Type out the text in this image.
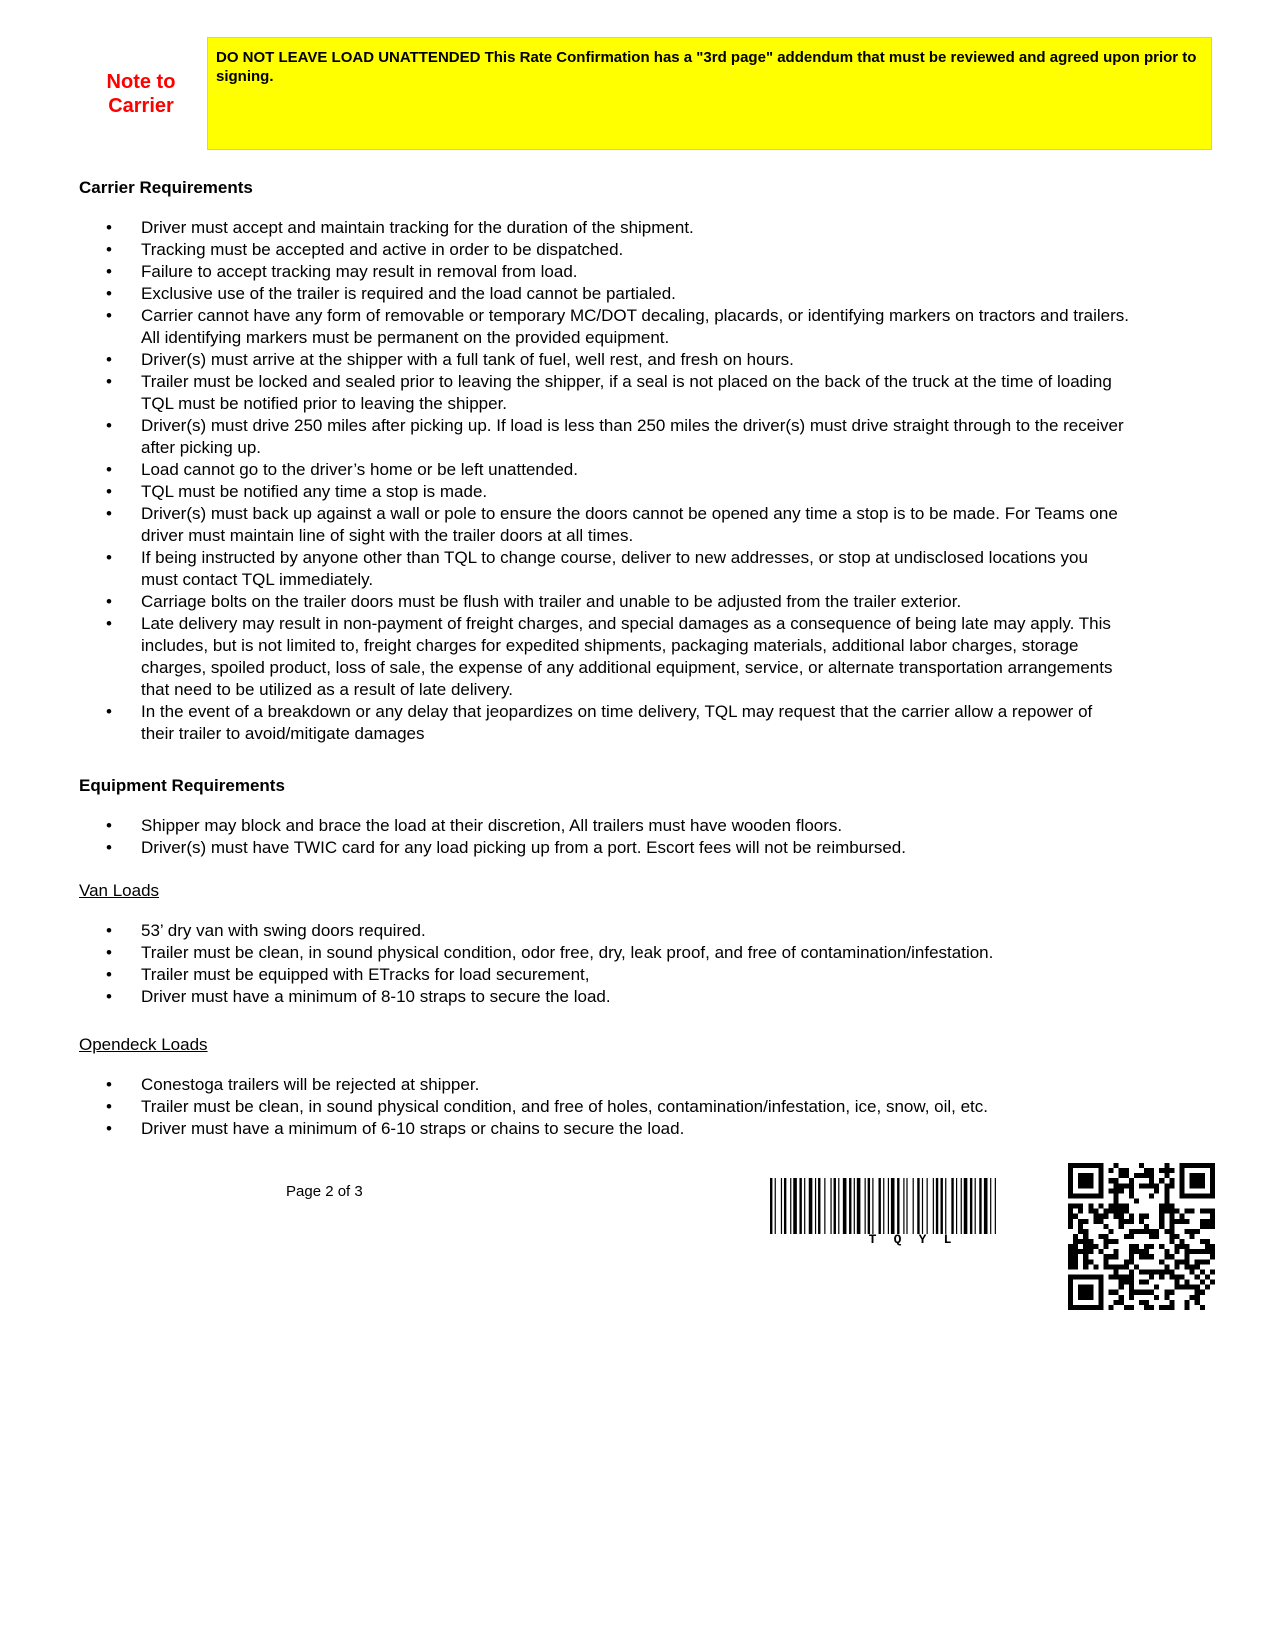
Note to Carrier
DO NOT LEAVE LOAD UNATTENDED This Rate Confirmation has a "3rd page" addendum that must be reviewed and agreed upon prior to signing.

Carrier Requirements

• Driver must accept and maintain tracking for the duration of the shipment.
• Tracking must be accepted and active in order to be dispatched.
• Failure to accept tracking may result in removal from load.
• Exclusive use of the trailer is required and the load cannot be partialed.
• Carrier cannot have any form of removable or temporary MC/DOT decaling, placards, or identifying markers on tractors and trailers. All identifying markers must be permanent on the provided equipment.
• Driver(s) must arrive at the shipper with a full tank of fuel, well rest, and fresh on hours.
• Trailer must be locked and sealed prior to leaving the shipper, if a seal is not placed on the back of the truck at the time of loading TQL must be notified prior to leaving the shipper.
• Driver(s) must drive 250 miles after picking up. If load is less than 250 miles the driver(s) must drive straight through to the receiver after picking up.
• Load cannot go to the driver’s home or be left unattended.
• TQL must be notified any time a stop is made.
• Driver(s) must back up against a wall or pole to ensure the doors cannot be opened any time a stop is to be made. For Teams one driver must maintain line of sight with the trailer doors at all times.
• If being instructed by anyone other than TQL to change course, deliver to new addresses, or stop at undisclosed locations you must contact TQL immediately.
• Carriage bolts on the trailer doors must be flush with trailer and unable to be adjusted from the trailer exterior.
• Late delivery may result in non-payment of freight charges, and special damages as a consequence of being late may apply. This includes, but is not limited to, freight charges for expedited shipments, packaging materials, additional labor charges, storage charges, spoiled product, loss of sale, the expense of any additional equipment, service, or alternate transportation arrangements that need to be utilized as a result of late delivery.
• In the event of a breakdown or any delay that jeopardizes on time delivery, TQL may request that the carrier allow a repower of their trailer to avoid/mitigate damages

Equipment Requirements

• Shipper may block and brace the load at their discretion, All trailers must have wooden floors.
• Driver(s) must have TWIC card for any load picking up from a port. Escort fees will not be reimbursed.

Van Loads

• 53’ dry van with swing doors required.
• Trailer must be clean, in sound physical condition, odor free, dry, leak proof, and free of contamination/infestation.
• Trailer must be equipped with ETracks for load securement,
• Driver must have a minimum of 8-10 straps to secure the load.

Opendeck Loads

• Conestoga trailers will be rejected at shipper.
• Trailer must be clean, in sound physical condition, and free of holes, contamination/infestation, ice, snow, oil, etc.
• Driver must have a minimum of 6-10 straps or chains to secure the load.
Page 2 of 3
T Q Y L
